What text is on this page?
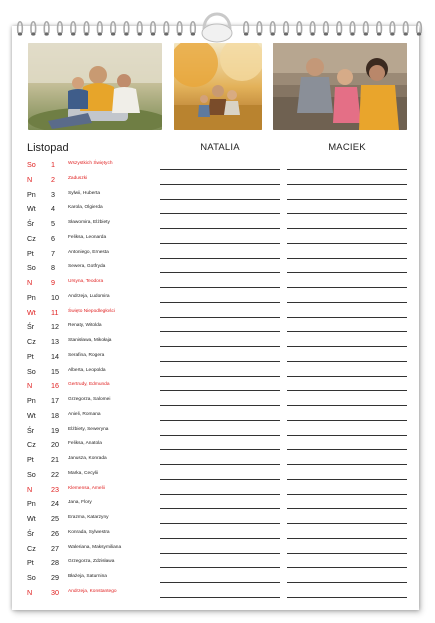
Listopad	NATALIA	MACIEK
So 1	Wszystkich Świętych
N	2	Zaduszki
Pn 3	Sylwii, Huberta
Wt 4	Karola, Olgierda
Śr 5	Sławomira, Elżbiety
Cz 6	Feliksa, Leonarda
Pt 7	Antoniego, Ernesta
So 8	Sewera, Gotfryda
N	9	Ursyna, Teodora
Pn 10 Andrzeja, Ludomira
Wt 11 Święto Niepodległości
Śr 12 Renaty, Witolda
Cz 13 Stanisława, Mikołaja
Pt 14 Serafina, Rogera
So 15 Alberta, Leopolda
N	16 Gertrudy, Edmunda
Pn 17 Grzegorza, Salomei
Wt 18 Anieli, Romana
Śr 19 Elżbiety, Seweryna
Cz 20 Feliksa, Anatola
Pt 21 Janusza, Konrada
So 22 Marka, Cecylii
N	23 Klemensa, Amelii
Pn 24 Jana, Flory
Wt 25 Erazma, Katarzyny
Śr 26 Konrada, Sylwestra
Cz 27 Waleriana, Maksymiliana
Pt 28 Grzegorza, Zdzisława
So 29 Błażeja, Saturnina
N	30 Andrzeja, Konstantego
